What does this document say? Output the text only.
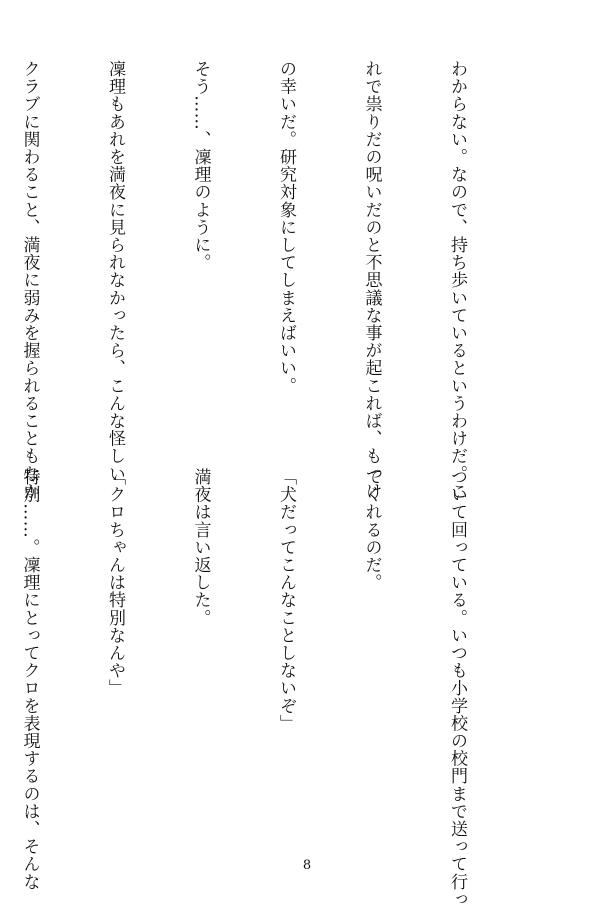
わからない。なので、持ち歩いているというわけだ。こ

れで祟りだの呪いだのと不思議な事が起これば、もっけ

の幸いだ。研究対象にしてしまえばいい。

そう……、凜理のように。

凜理もあれを満夜に見られなかったら、こんな怪しい

クラブに関わること、満夜に弱みを握られることもなか

ついて回っている。いつも小学校の校門まで送って行っ

てくれるのだ。

「犬だってこんなことしないぞ」

満夜は言い返した。

「クロちゃんは特別なんや」

特別……。凜理にとってクロを表現するのは、そんな

	8
